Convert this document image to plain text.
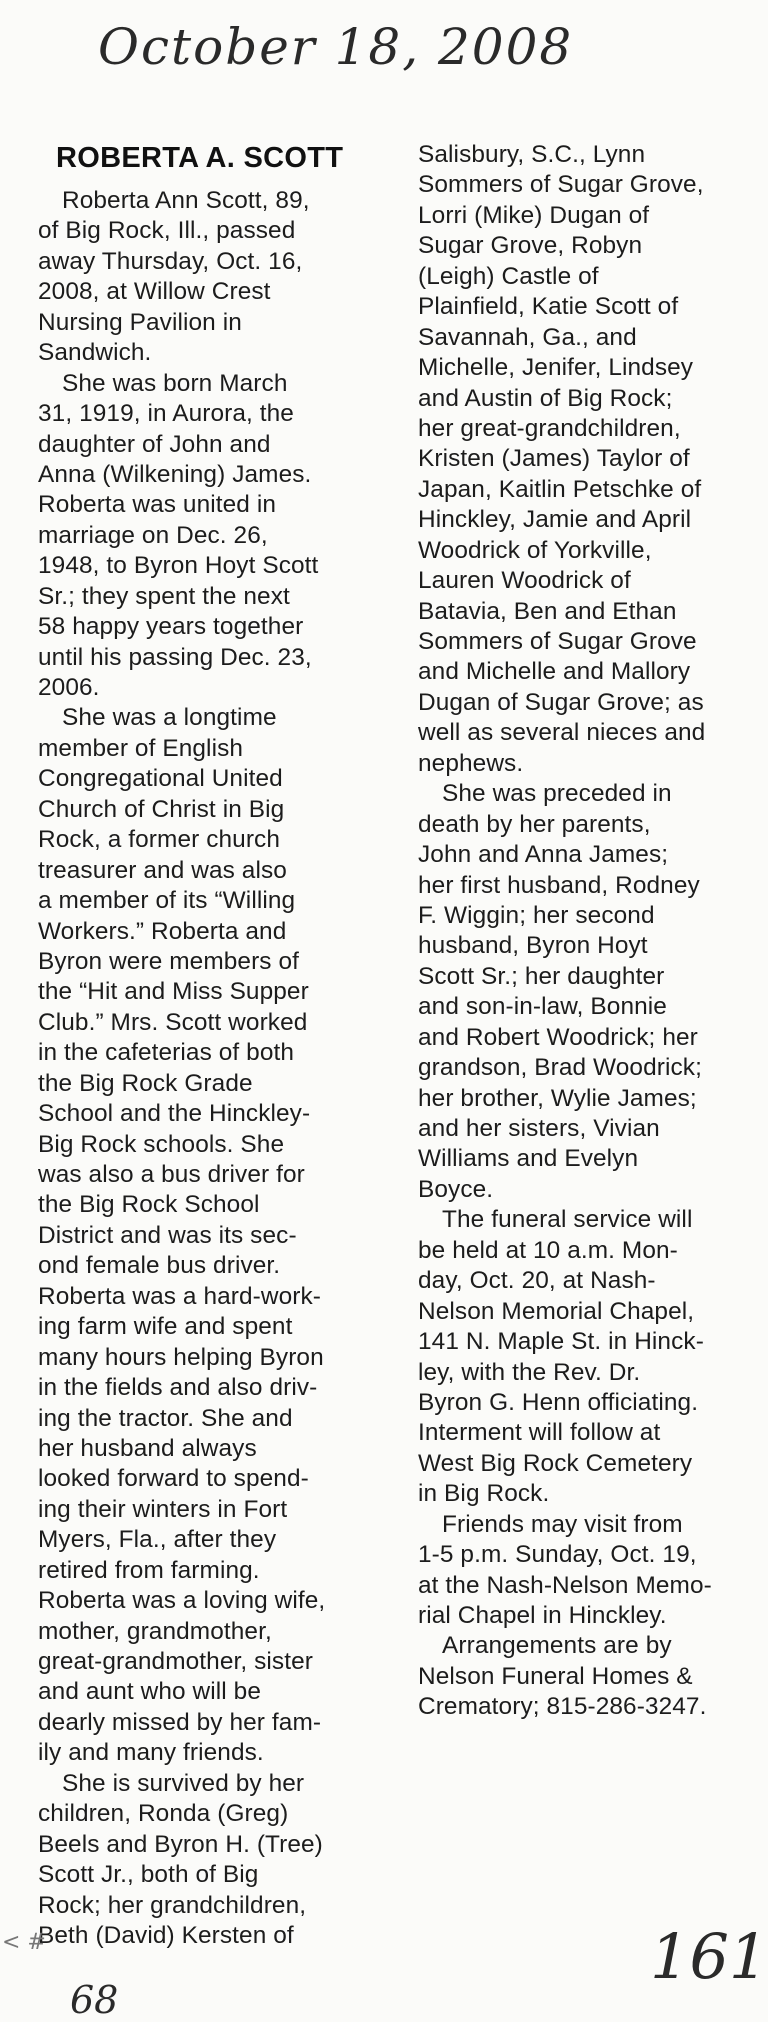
October 18, 2008
ROBERTA A. SCOTT
Roberta Ann Scott, 89,
of Big Rock, Ill., passed
away Thursday, Oct. 16,
2008, at Willow Crest
Nursing Pavilion in
Sandwich.
She was born March
31, 1919, in Aurora, the
daughter of John and
Anna (Wilkening) James.
Roberta was united in
marriage on Dec. 26,
1948, to Byron Hoyt Scott
Sr.; they spent the next
58 happy years together
until his passing Dec. 23,
2006.
She was a longtime
member of English
Congregational United
Church of Christ in Big
Rock, a former church
treasurer and was also
a member of its “Willing
Workers.” Roberta and
Byron were members of
the “Hit and Miss Supper
Club.” Mrs. Scott worked
in the cafeterias of both
the Big Rock Grade
School and the Hinckley-
Big Rock schools. She
was also a bus driver for
the Big Rock School
District and was its sec-
ond female bus driver.
Roberta was a hard-work-
ing farm wife and spent
many hours helping Byron
in the fields and also driv-
ing the tractor. She and
her husband always
looked forward to spend-
ing their winters in Fort
Myers, Fla., after they
retired from farming.
Roberta was a loving wife,
mother, grandmother,
great-grandmother, sister
and aunt who will be
dearly missed by her fam-
ily and many friends.
She is survived by her
children, Ronda (Greg)
Beels and Byron H. (Tree)
Scott Jr., both of Big
Rock; her grandchildren,
Beth (David) Kersten of
Salisbury, S.C., Lynn
Sommers of Sugar Grove,
Lorri (Mike) Dugan of
Sugar Grove, Robyn
(Leigh) Castle of
Plainfield, Katie Scott of
Savannah, Ga., and
Michelle, Jenifer, Lindsey
and Austin of Big Rock;
her great-grandchildren,
Kristen (James) Taylor of
Japan, Kaitlin Petschke of
Hinckley, Jamie and April
Woodrick of Yorkville,
Lauren Woodrick of
Batavia, Ben and Ethan
Sommers of Sugar Grove
and Michelle and Mallory
Dugan of Sugar Grove; as
well as several nieces and
nephews.
She was preceded in
death by her parents,
John and Anna James;
her first husband, Rodney
F. Wiggin; her second
husband, Byron Hoyt
Scott Sr.; her daughter
and son-in-law, Bonnie
and Robert Woodrick; her
grandson, Brad Woodrick;
her brother, Wylie James;
and her sisters, Vivian
Williams and Evelyn
Boyce.
The funeral service will
be held at 10 a.m. Mon-
day, Oct. 20, at Nash-
Nelson Memorial Chapel,
141 N. Maple St. in Hinck-
ley, with the Rev. Dr.
Byron G. Henn officiating.
Interment will follow at
West Big Rock Cemetery
in Big Rock.
Friends may visit from
1-5 p.m. Sunday, Oct. 19,
at the Nash-Nelson Memo-
rial Chapel in Hinckley.
Arrangements are by
Nelson Funeral Homes &
Crematory; 815-286-3247.
161
68
< #
